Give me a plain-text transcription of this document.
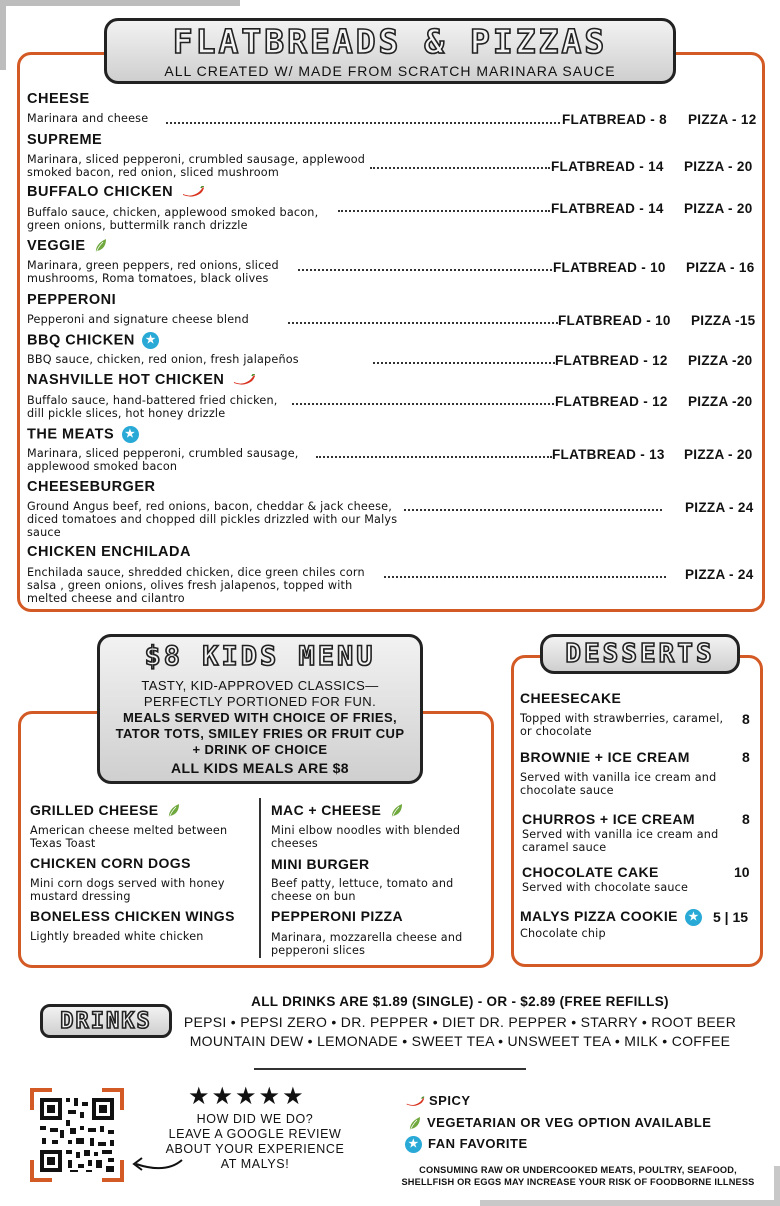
FLATBREADS & PIZZAS
ALL CREATED W/ MADE FROM SCRATCH MARINARA SAUCE
CHEESE
Marinara and cheese	FLATBREAD - 8 PIZZA - 12
SUPREME
Marinara, sliced pepperoni, crumbled sausage, applewood smoked bacon, red onion, sliced mushroom	FLATBREAD - 14 PIZZA - 20
BUFFALO CHICKEN
Buffalo sauce, chicken, applewood smoked bacon, green onions, buttermilk ranch drizzle
FLATBREAD - 14 PIZZA - 20
VEGGIE
Marinara, green peppers, red onions, sliced mushrooms, Roma tomatoes, black olives
FLATBREAD - 10 PIZZA - 16
PEPPERONI
Pepperoni and signature cheese blend	FLATBREAD - 10 PIZZA -15
BBQ CHICKEN ★
BBQ sauce, chicken, red onion, fresh jalapeños	FLATBREAD - 12 PIZZA -20
NASHVILLE HOT CHICKEN
Buffalo sauce, hand-battered fried chicken, dill pickle slices, hot honey drizzle
FLATBREAD - 12 PIZZA -20
THE MEATS ★
Marinara, sliced pepperoni, crumbled sausage, applewood smoked bacon
FLATBREAD - 13 PIZZA - 20
CHEESEBURGER
Ground Angus beef, red onions, bacon, cheddar & jack cheese, diced tomatoes and chopped dill pickles drizzled with our Malys sauce
PIZZA - 24
CHICKEN ENCHILADA
Enchilada sauce, shredded chicken, dice green chiles corn salsa , green onions, olives fresh jalapenos, topped with melted cheese and cilantro
PIZZA - 24
$8 KIDS MENU
TASTY, KID-APPROVED CLASSICS—
PERFECTLY PORTIONED FOR FUN.
MEALS SERVED WITH CHOICE OF FRIES,
TATOR TOTS, SMILEY FRIES OR FRUIT CUP
+ DRINK OF CHOICE
ALL KIDS MEALS ARE $8
GRILLED CHEESE
American cheese melted between Texas Toast
CHICKEN CORN DOGS
Mini corn dogs served with honey mustard dressing
BONELESS CHICKEN WINGS
Lightly breaded white chicken
MAC + CHEESE
Mini elbow noodles with blended cheeses
MINI BURGER
Beef patty, lettuce, tomato and cheese on bun
PEPPERONI PIZZA
Marinara, mozzarella cheese and pepperoni slices
DESSERTS
CHEESECAKE
Topped with strawberries, caramel, or chocolate
8
BROWNIE + ICE CREAM
Served with vanilla ice cream and chocolate sauce
8
CHURROS + ICE CREAM
Served with vanilla ice cream and caramel sauce
8
CHOCOLATE CAKE
Served with chocolate sauce
10
MALYS PIZZA COOKIE ★
Chocolate chip
5 | 15
DRINKS
ALL DRINKS ARE $1.89 (SINGLE) - OR - $2.89 (FREE REFILLS)
PEPSI • PEPSI ZERO • DR. PEPPER • DIET DR. PEPPER • STARRY • ROOT BEER
MOUNTAIN DEW • LEMONADE • SWEET TEA • UNSWEET TEA • MILK • COFFEE
★★★★★
HOW DID WE DO?
LEAVE A GOOGLE REVIEW
ABOUT YOUR EXPERIENCE
AT MALYS!
SPICY
VEGETARIAN OR VEG OPTION AVAILABLE
★ FAN FAVORITE
CONSUMING RAW OR UNDERCOOKED MEATS, POULTRY, SEAFOOD,
SHELLFISH OR EGGS MAY INCREASE YOUR RISK OF FOODBORNE ILLNESS
